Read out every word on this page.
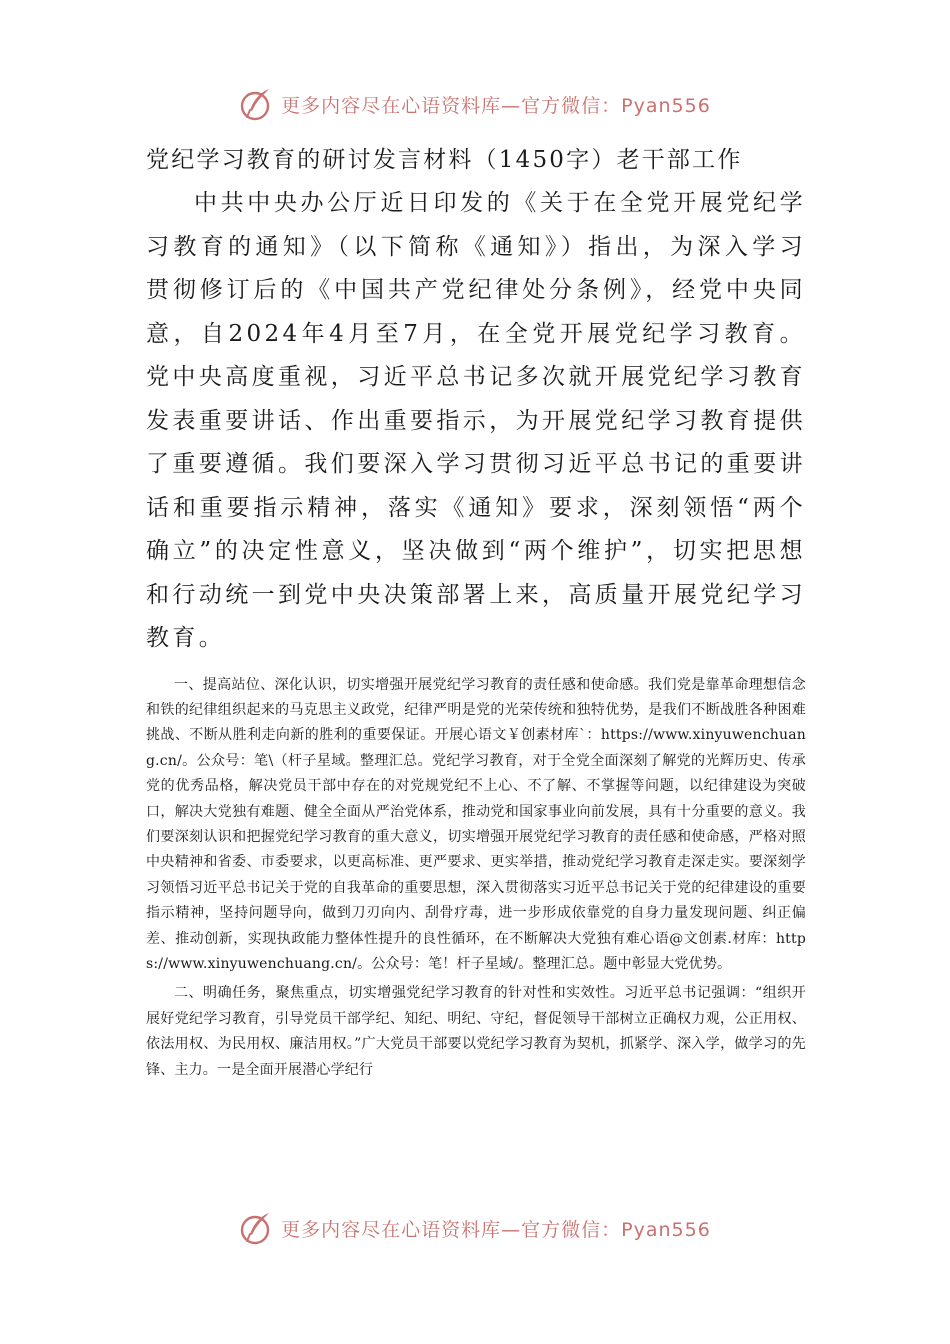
更多内容尽在心语资料库—官方微信：Pyan556

党纪学习教育的研讨发言材料（1450字）老干部工作

中共中央办公厅近日印发的《关于在全党开展党纪学习教育的通知》（以下简称《通知》）指出，为深入学习贯彻修订后的《中国共产党纪律处分条例》，经党中央同意，自2024年4月至7月，在全党开展党纪学习教育。党中央高度重视，习近平总书记多次就开展党纪学习教育发表重要讲话、作出重要指示，为开展党纪学习教育提供了重要遵循。我们要深入学习贯彻习近平总书记的重要讲话和重要指示精神，落实《通知》要求，深刻领悟“两个确立”的决定性意义，坚决做到“两个维护”，切实把思想和行动统一到党中央决策部署上来，高质量开展党纪学习教育。

一、提高站位、深化认识，切实增强开展党纪学习教育的责任感和使命感。我们党是靠革命理想信念和铁的纪律组织起来的马克思主义政党，纪律严明是党的光荣传统和独特优势，是我们不断战胜各种困难挑战、不断从胜利走向新的胜利的重要保证。开展心语文￥创素材库`：https://www.xinyuwenchuang.cn/。公众号：笔\（杆子星域。整理汇总。党纪学习教育，对于全党全面深刻了解党的光辉历史、传承党的优秀品格，解决党员干部中存在的对党规党纪不上心、不了解、不掌握等问题，以纪律建设为突破口，解决大党独有难题、健全全面从严治党体系，推动党和国家事业向前发展，具有十分重要的意义。我们要深刻认识和把握党纪学习教育的重大意义，切实增强开展党纪学习教育的责任感和使命感，严格对照中央精神和省委、市委要求，以更高标准、更严要求、更实举措，推动党纪学习教育走深走实。要深刻学习领悟习近平总书记关于党的自我革命的重要思想，深入贯彻落实习近平总书记关于党的纪律建设的重要指示精神，坚持问题导向，做到刀刃向内、刮骨疗毒，进一步形成依靠党的自身力量发现问题、纠正偏差、推动创新，实现执政能力整体性提升的良性循环，在不断解决大党独有难心语@文创素.材库：https://www.xinyuwenchuang.cn/。公众号：笔！杆子星域/。整理汇总。题中彰显大党优势。

二、明确任务，聚焦重点，切实增强党纪学习教育的针对性和实效性。习近平总书记强调：“组织开展好党纪学习教育，引导党员干部学纪、知纪、明纪、守纪，督促领导干部树立正确权力观，公正用权、依法用权、为民用权、廉洁用权。”广大党员干部要以党纪学习教育为契机，抓紧学、深入学，做学习的先锋、主力。一是全面开展潜心学纪行

更多内容尽在心语资料库—官方微信：Pyan556
